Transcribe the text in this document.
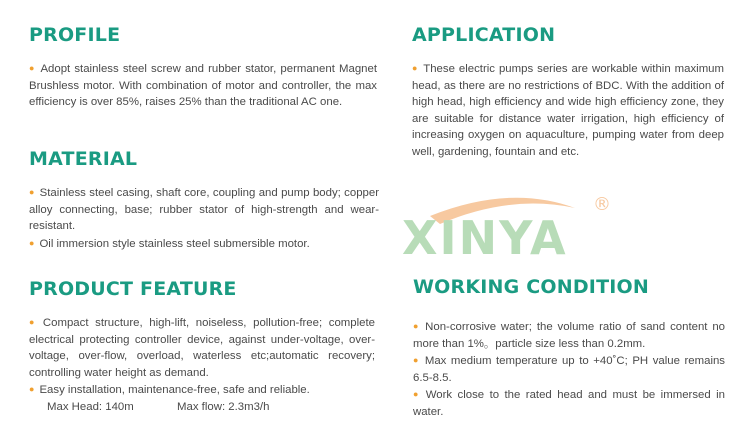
XINYA
®
PROFILE

● Adopt stainless steel screw and rubber stator, permanent Magnet Brushless motor. With combination of motor and controller, the max efficiency is over 85%, raises 25% than the traditional AC one.

MATERIAL

● Stainless steel casing, shaft core, coupling and pump body; copper alloy connecting, base; rubber stator of high-strength and wear-resistant.

● Oil immersion style stainless steel submersible motor.

PRODUCT FEATURE

● Compact structure, high-lift, noiseless, pollution-free; complete electrical protecting controller device, against under-voltage, over-voltage, over-flow, overload, waterless etc;automatic recovery; controlling water height as demand.

● Easy installation, maintenance-free, safe and reliable.

Max Head: 140m	Max flow: 2.3m3/h
APPLICATION

● These electric pumps series are workable within maximum head, as there are no restrictions of BDC. With the addition of high head, high efficiency and wide high efficiency zone, they are suitable for distance water irrigation, high efficiency of increasing oxygen on aquaculture, pumping water from deep well, gardening, fountain and etc.

WORKING CONDITION

● Non-corrosive water; the volume ratio of sand content no more than 1%。particle size less than 0.2mm.

● Max medium temperature up to +40˚C; PH value remains 6.5-8.5.

● Work close to the rated head and must be immersed in water.
